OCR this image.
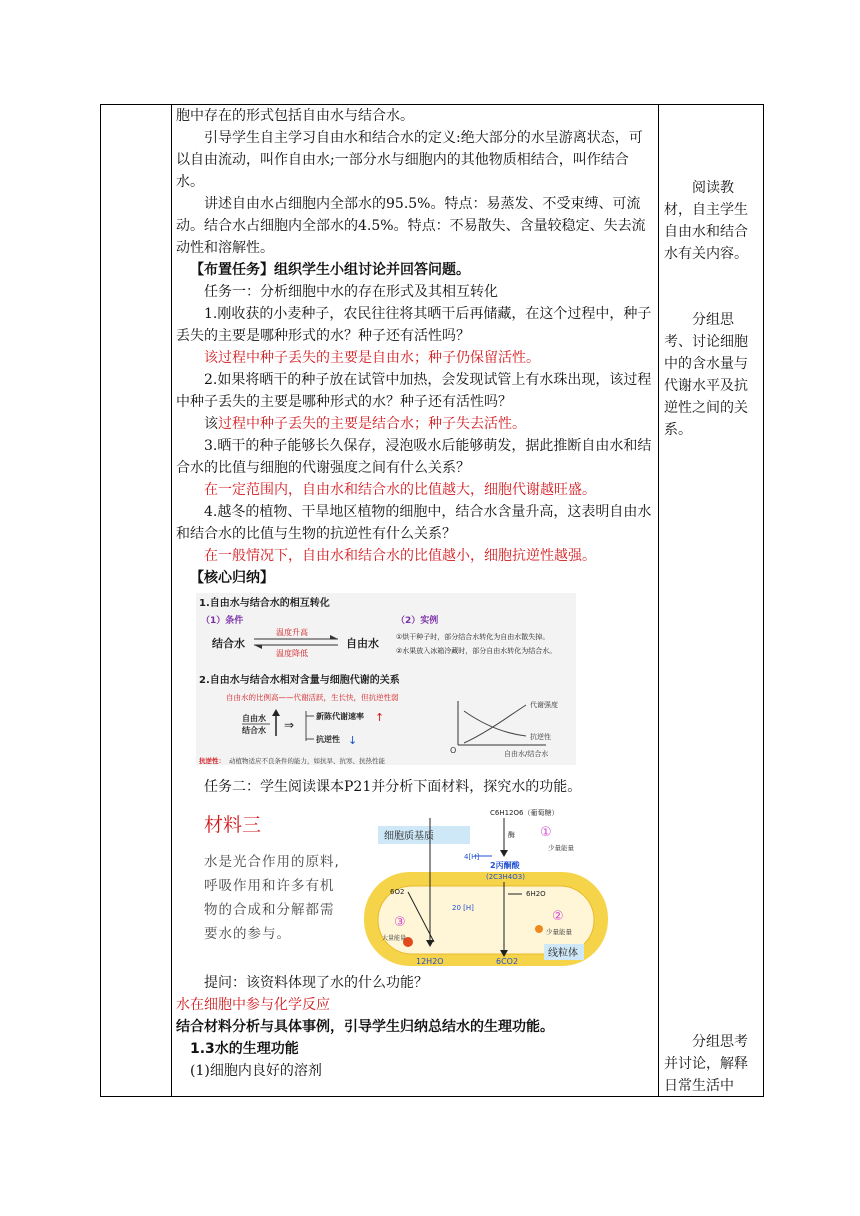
胞中存在的形式包括自由水与结合水。

引导学生自主学习自由水和结合水的定义:绝大部分的水呈游离状态，可以自由流动，叫作自由水;一部分水与细胞内的其他物质相结合，叫作结合水。

讲述自由水占细胞内全部水的95.5%。特点：易蒸发、不受束缚、可流动。结合水占细胞内全部水的4.5%。特点：不易散失、含量较稳定、失去流动性和溶解性。

【布置任务】组织学生小组讨论并回答问题。

任务一：分析细胞中水的存在形式及其相互转化

1.刚收获的小麦种子，农民往往将其晒干后再储藏，在这个过程中，种子丢失的主要是哪种形式的水？种子还有活性吗？

该过程中种子丢失的主要是自由水；种子仍保留活性。

2.如果将晒干的种子放在试管中加热，会发现试管上有水珠出现，该过程中种子丢失的主要是哪种形式的水？种子还有活性吗？

该过程中种子丢失的主要是结合水；种子失去活性。

3.晒干的种子能够长久保存，浸泡吸水后能够萌发，据此推断自由水和结合水的比值与细胞的代谢强度之间有什么关系？

在一定范围内，自由水和结合水的比值越大，细胞代谢越旺盛。

4.越冬的植物、干旱地区植物的细胞中，结合水含量升高，这表明自由水和结合水的比值与生物的抗逆性有什么关系？

在一般情况下，自由水和结合水的比值越小，细胞抗逆性越强。

【核心归纳】

1.自由水与结合水的相互转化
（1）条件	（2）实例
结合水	自由水
温度升高
温度降低
①烘干种子时，部分结合水转化为自由水散失掉。
②水果放入冰箱冷藏时，部分自由水转化为结合水。
2.自由水与结合水相对含量与细胞代谢的关系
自由水的比例高——代谢活跃，生长快，但抗逆性弱
自由水
结合水 ⇒
新陈代谢速率 ↑
抗逆性 ↓
代谢强度
抗逆性
O	自由水/结合水
抗逆性： 动植物适应不良条件的能力，如抗旱、抗寒、抗热性能

任务二：学生阅读课本P21并分析下面材料，探究水的功能。

材料三
水是光合作用的原料,
呼吸作用和许多有机
物的合成和分解都需
要水的参与。
细胞质基质
C6H12O6（葡萄糖）
酶 ①
少量能量
4[H]
2丙酮酸
(2C3H4O3)
6CO2
6H2O
6O2
20 [H]
12H2O
③
大量能量
②
少量能量
线粒体

提问：该资料体现了水的什么功能？

水在细胞中参与化学反应

结合材料分析与具体事例，引导学生归纳总结水的生理功能。

1.3水的生理功能

(1)细胞内良好的溶剂

阅读教材，自主学生自由水和结合水有关内容。

分组思考、讨论细胞中的含水量与代谢水平及抗逆性之间的关系。

分组思考并讨论，解释日常生活中
